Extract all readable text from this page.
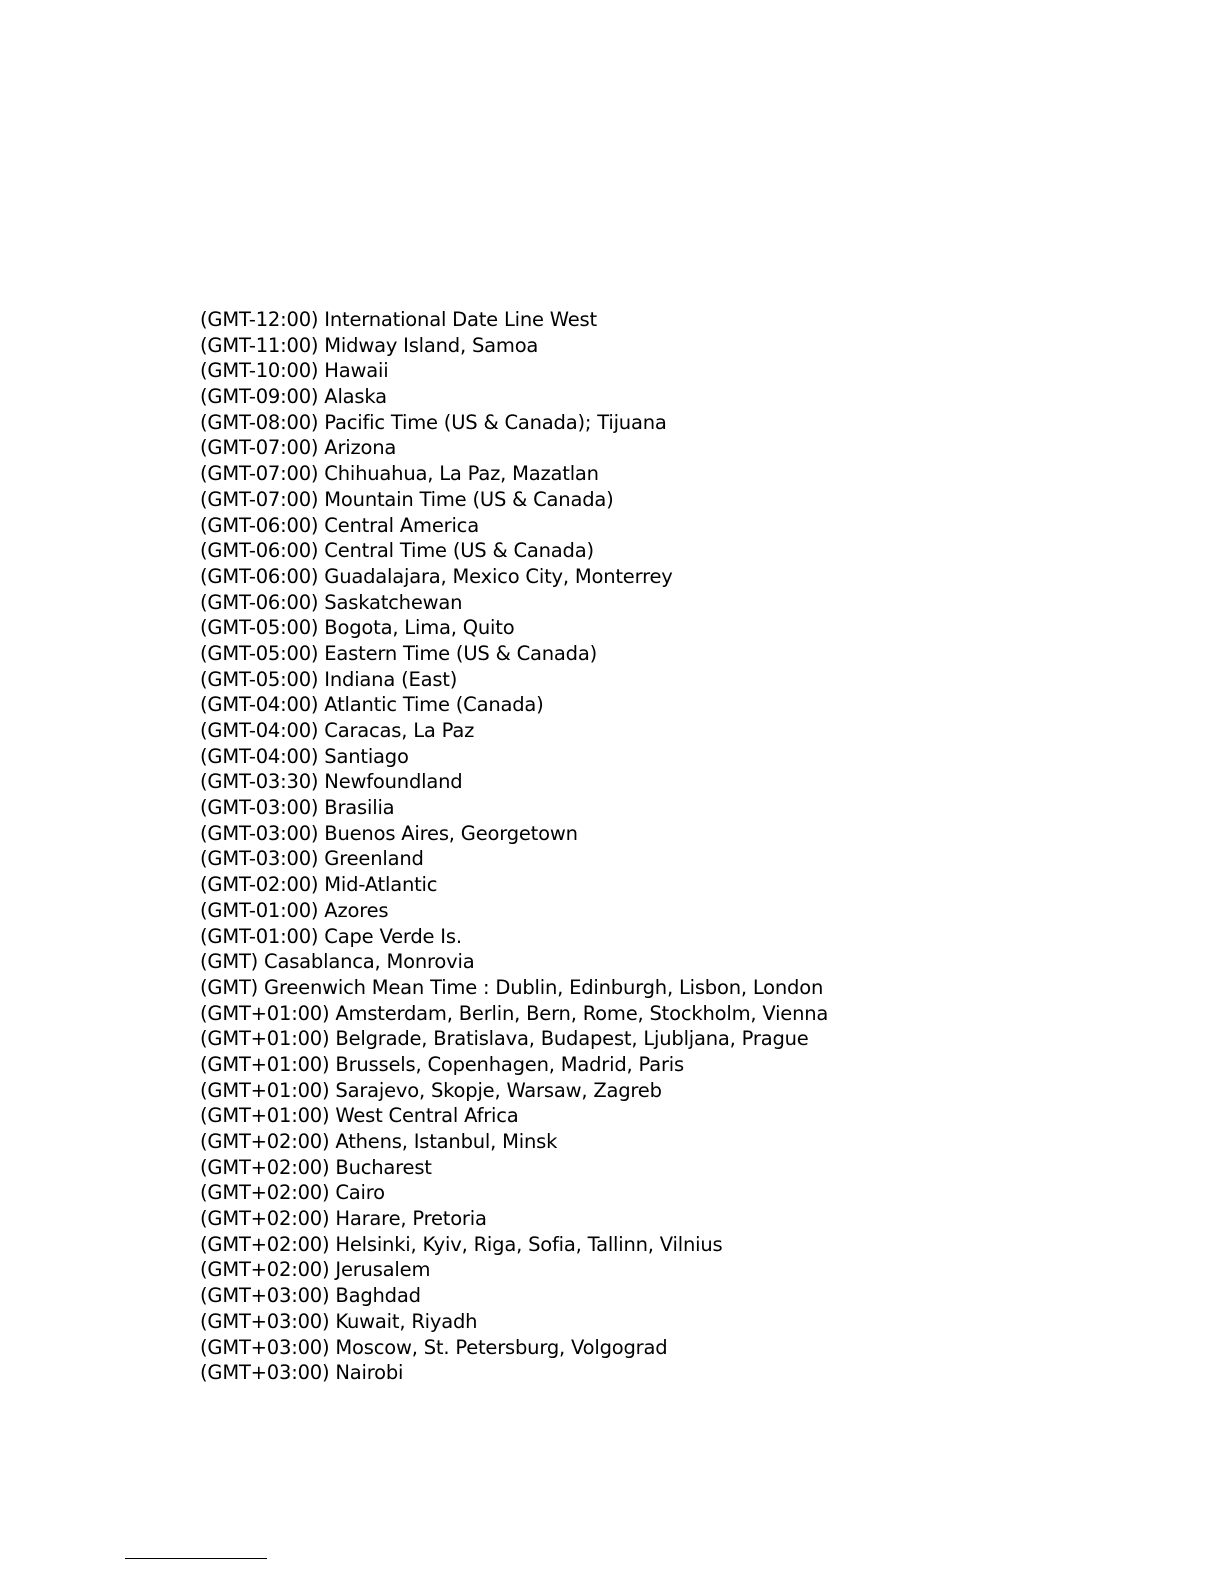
(GMT-12:00) International Date Line West
(GMT-11:00) Midway Island, Samoa
(GMT-10:00) Hawaii
(GMT-09:00) Alaska
(GMT-08:00) Pacific Time (US & Canada); Tijuana
(GMT-07:00) Arizona
(GMT-07:00) Chihuahua, La Paz, Mazatlan
(GMT-07:00) Mountain Time (US & Canada)
(GMT-06:00) Central America
(GMT-06:00) Central Time (US & Canada)
(GMT-06:00) Guadalajara, Mexico City, Monterrey
(GMT-06:00) Saskatchewan
(GMT-05:00) Bogota, Lima, Quito
(GMT-05:00) Eastern Time (US & Canada)
(GMT-05:00) Indiana (East)
(GMT-04:00) Atlantic Time (Canada)
(GMT-04:00) Caracas, La Paz
(GMT-04:00) Santiago
(GMT-03:30) Newfoundland
(GMT-03:00) Brasilia
(GMT-03:00) Buenos Aires, Georgetown
(GMT-03:00) Greenland
(GMT-02:00) Mid-Atlantic
(GMT-01:00) Azores
(GMT-01:00) Cape Verde Is.
(GMT) Casablanca, Monrovia
(GMT) Greenwich Mean Time : Dublin, Edinburgh, Lisbon, London
(GMT+01:00) Amsterdam, Berlin, Bern, Rome, Stockholm, Vienna
(GMT+01:00) Belgrade, Bratislava, Budapest, Ljubljana, Prague
(GMT+01:00) Brussels, Copenhagen, Madrid, Paris
(GMT+01:00) Sarajevo, Skopje, Warsaw, Zagreb
(GMT+01:00) West Central Africa
(GMT+02:00) Athens, Istanbul, Minsk
(GMT+02:00) Bucharest
(GMT+02:00) Cairo
(GMT+02:00) Harare, Pretoria
(GMT+02:00) Helsinki, Kyiv, Riga, Sofia, Tallinn, Vilnius
(GMT+02:00) Jerusalem
(GMT+03:00) Baghdad
(GMT+03:00) Kuwait, Riyadh
(GMT+03:00) Moscow, St. Petersburg, Volgograd
(GMT+03:00) Nairobi
